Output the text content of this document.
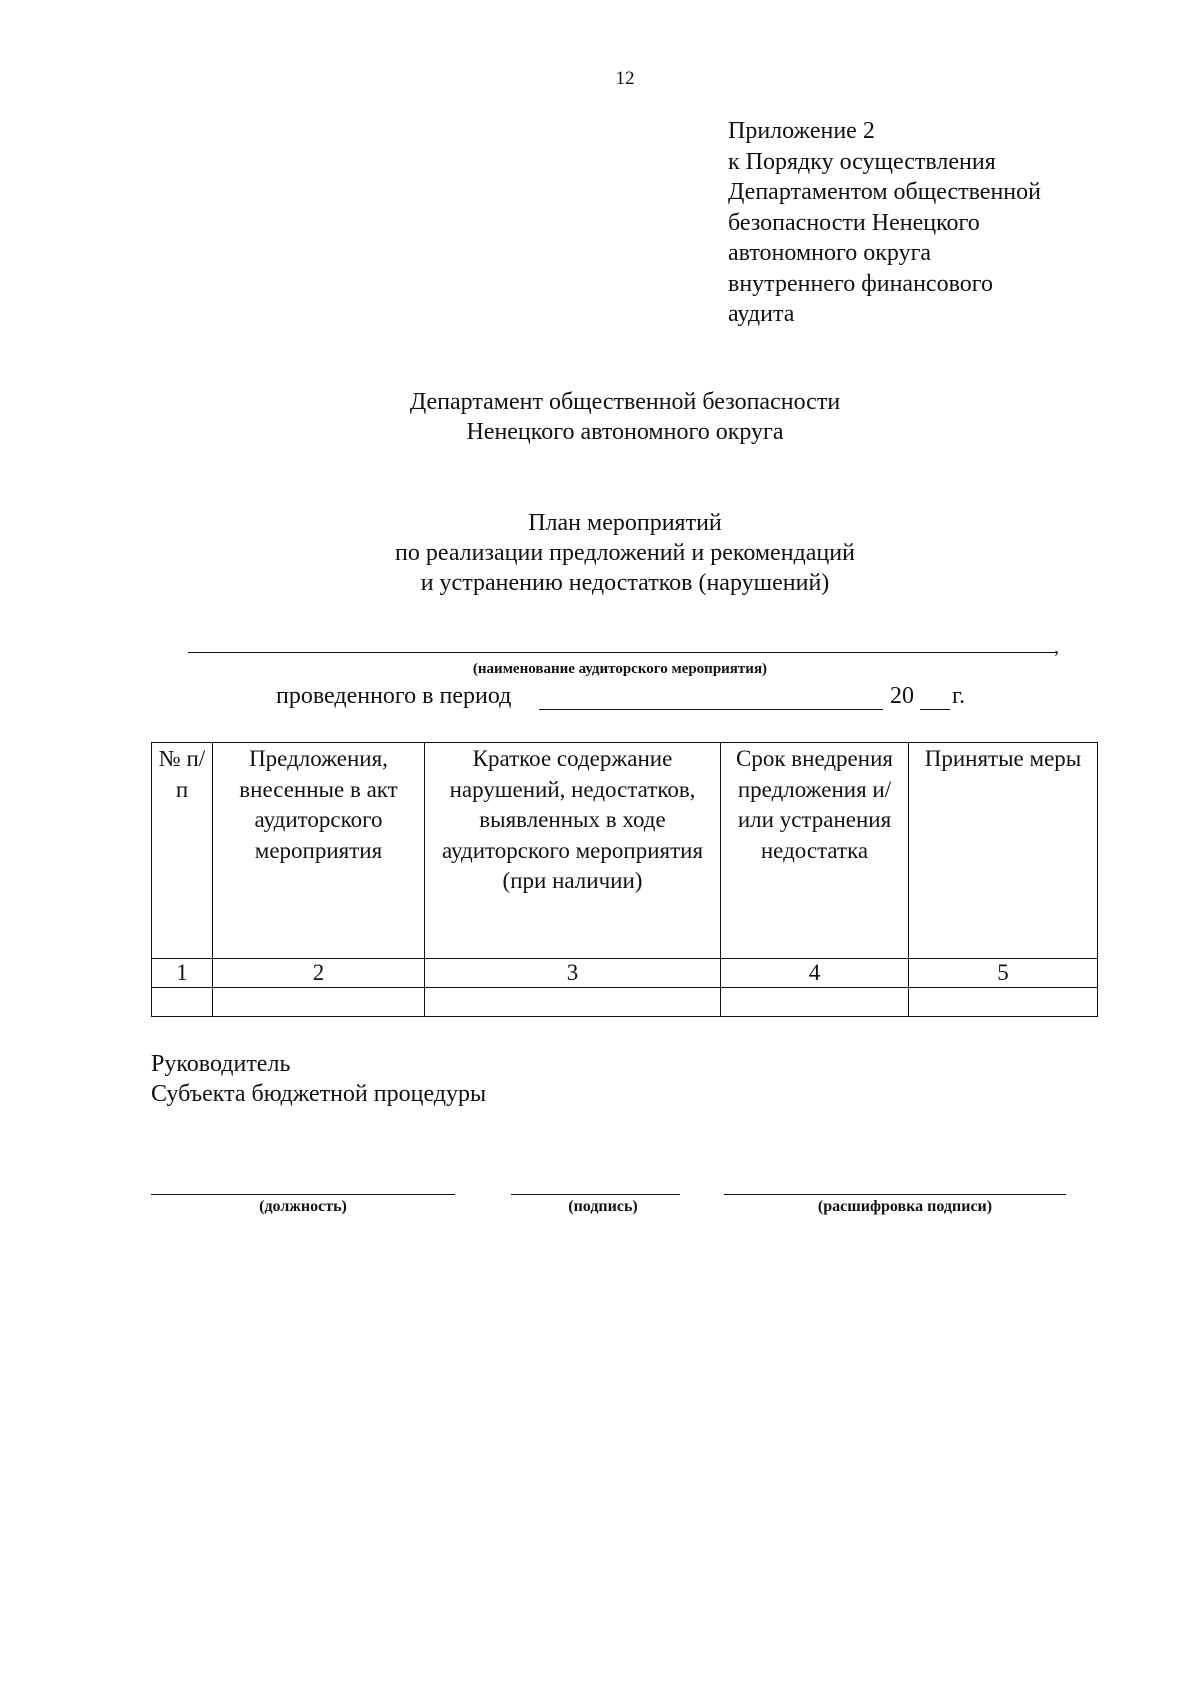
12
Приложение 2
к Порядку осуществления
Департаментом общественной
безопасности Ненецкого
автономного округа
внутреннего финансового
аудита
Департамент общественной безопасности
Ненецкого автономного округа
План мероприятий
по реализации предложений и рекомендаций
и устранению недостатков (нарушений)
,
(наименование аудиторского мероприятия)
проведенного в период	20 г.
№ п/п	Предложения, внесенные в акт аудиторского мероприятия	Краткое содержание нарушений, недостатков, выявленных в ходе аудиторского мероприятия (при наличии)	Срок внедрения предложения и/или устранения недостатка	Принятые меры
1	2	3	4	5

Руководитель
Субъекта бюджетной процедуры
(должность)	(подпись)	(расшифровка подписи)
